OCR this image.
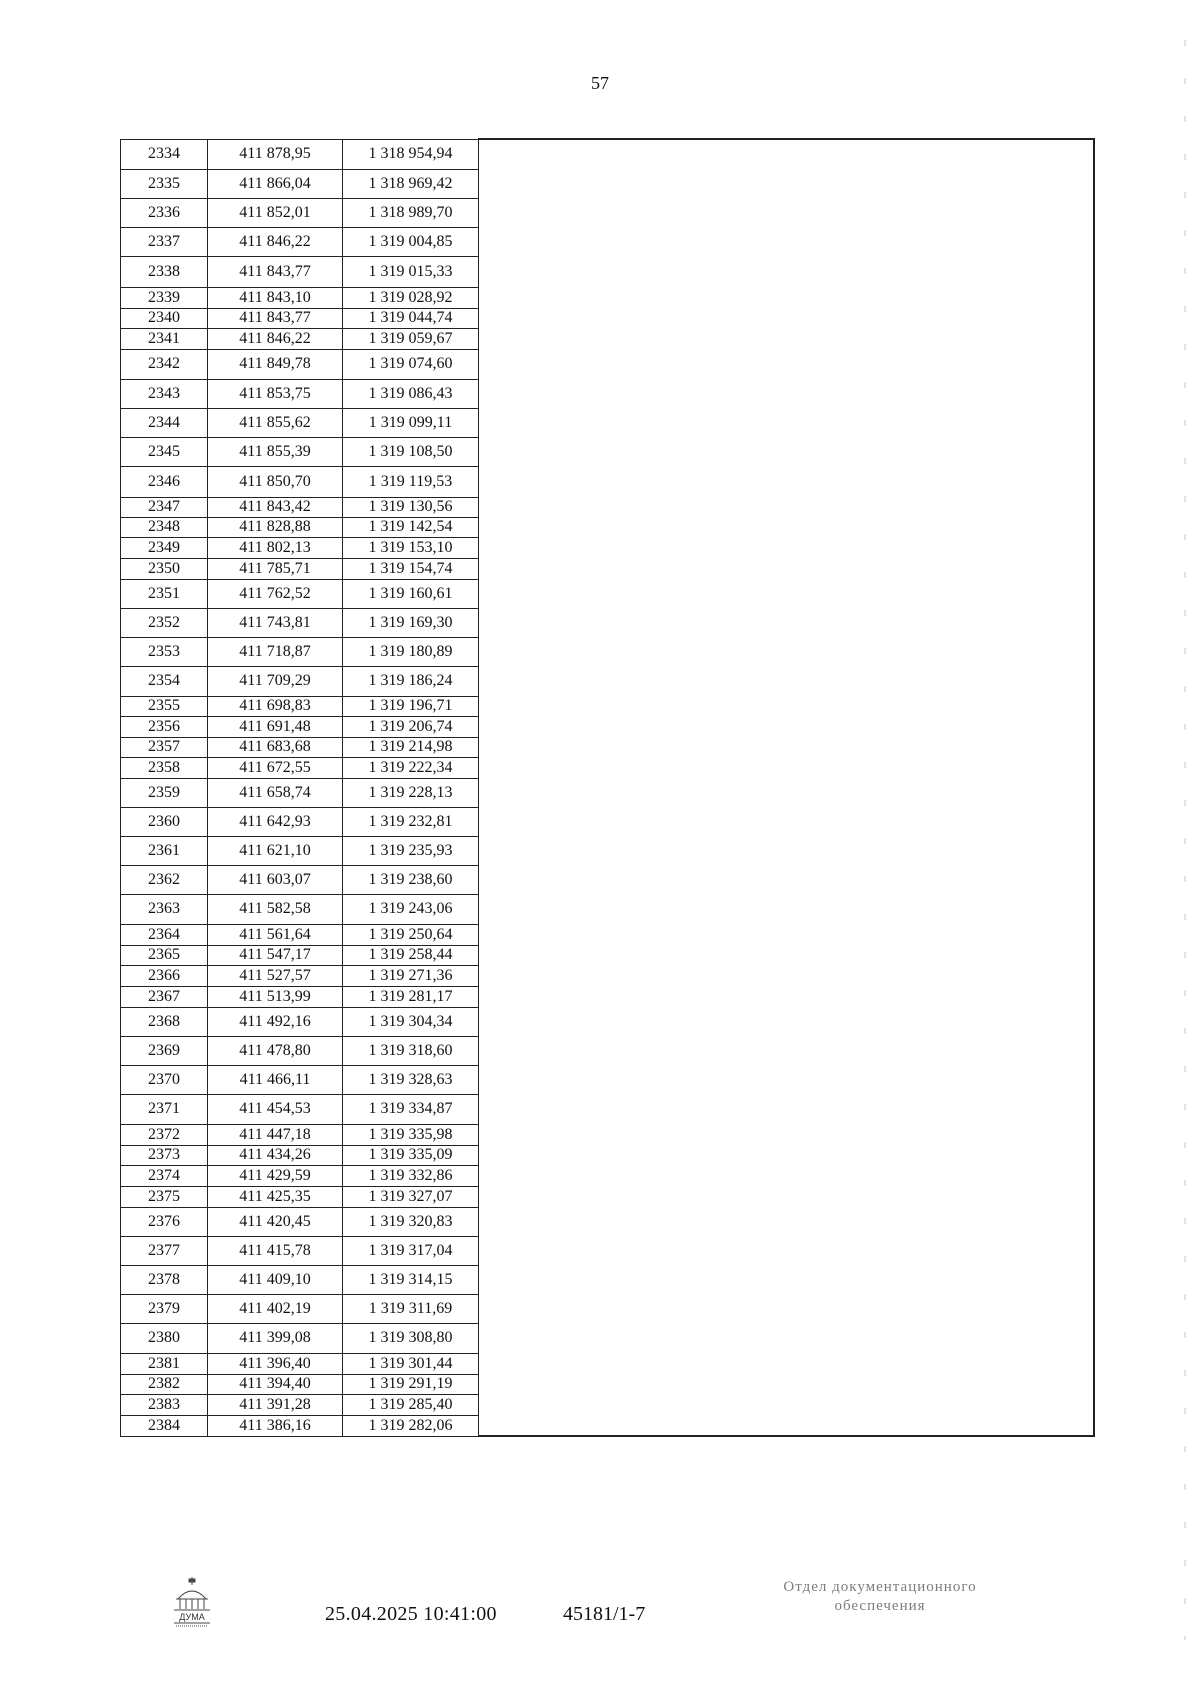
57
2334	411 878,95	1 318 954,94	
2335	411 866,04	1 318 969,42	
2336	411 852,01	1 318 989,70	
2337	411 846,22	1 319 004,85	
2338	411 843,77	1 319 015,33	
2339	411 843,10	1 319 028,92	
2340	411 843,77	1 319 044,74	
2341	411 846,22	1 319 059,67	
2342	411 849,78	1 319 074,60	
2343	411 853,75	1 319 086,43	
2344	411 855,62	1 319 099,11	
2345	411 855,39	1 319 108,50	
2346	411 850,70	1 319 119,53	
2347	411 843,42	1 319 130,56	
2348	411 828,88	1 319 142,54	
2349	411 802,13	1 319 153,10	
2350	411 785,71	1 319 154,74	
2351	411 762,52	1 319 160,61	
2352	411 743,81	1 319 169,30	
2353	411 718,87	1 319 180,89	
2354	411 709,29	1 319 186,24	
2355	411 698,83	1 319 196,71	
2356	411 691,48	1 319 206,74	
2357	411 683,68	1 319 214,98	
2358	411 672,55	1 319 222,34	
2359	411 658,74	1 319 228,13	
2360	411 642,93	1 319 232,81	
2361	411 621,10	1 319 235,93	
2362	411 603,07	1 319 238,60	
2363	411 582,58	1 319 243,06	
2364	411 561,64	1 319 250,64	
2365	411 547,17	1 319 258,44	
2366	411 527,57	1 319 271,36	
2367	411 513,99	1 319 281,17	
2368	411 492,16	1 319 304,34	
2369	411 478,80	1 319 318,60	
2370	411 466,11	1 319 328,63	
2371	411 454,53	1 319 334,87	
2372	411 447,18	1 319 335,98	
2373	411 434,26	1 319 335,09	
2374	411 429,59	1 319 332,86	
2375	411 425,35	1 319 327,07	
2376	411 420,45	1 319 320,83	
2377	411 415,78	1 319 317,04	
2378	411 409,10	1 319 314,15	
2379	411 402,19	1 319 311,69	
2380	411 399,08	1 319 308,80	
2381	411 396,40	1 319 301,44	
2382	411 394,40	1 319 291,19	
2383	411 391,28	1 319 285,40	
2384	411 386,16	1 319 282,06	
ДУМА	25.04.2025 10:41:00	45181/1-7
Отдел документационного
обеспечения
